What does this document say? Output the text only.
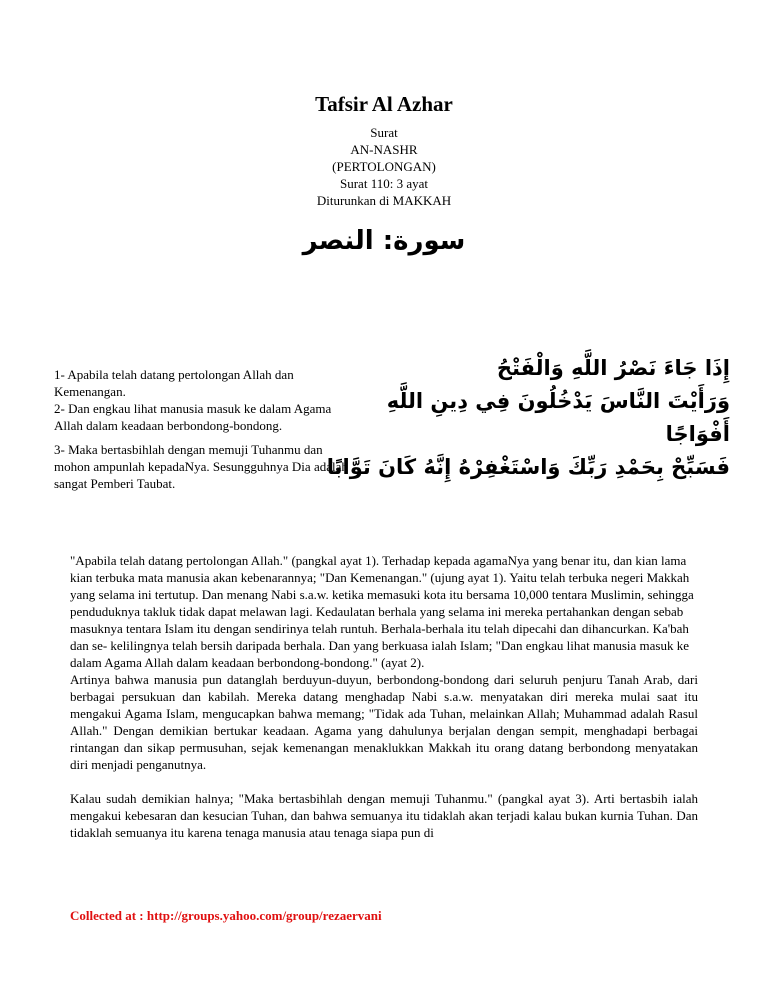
Tafsir Al Azhar
Surat
AN-NASHR
(PERTOLONGAN)
Surat 110: 3 ayat
Diturunkan di MAKKAH
سورة: النصر

1- Apabila telah datang pertolongan Allah dan Kemenangan.

2- Dan engkau lihat manusia masuk ke dalam Agama Allah dalam keadaan berbondong-bondong.

3- Maka bertasbihlah dengan memuji Tuhanmu dan mohon ampunlah kepadaNya. Sesungguhnya Dia adalah sangat Pemberi Taubat.

إِذَا جَاءَ نَصْرُ اللَّهِ وَالْفَتْحُ
وَرَأَيْتَ النَّاسَ يَدْخُلُونَ فِي دِينِ اللَّهِ
أَفْوَاجًا
فَسَبِّحْ بِحَمْدِ رَبِّكَ وَاسْتَغْفِرْهُ إِنَّهُ كَانَ تَوَّابًا

"Apabila telah datang pertolongan Allah." (pangkal ayat 1). Terhadap kepada agamaNya yang benar itu, dan kian lama kian terbuka mata manusia akan kebenarannya; "Dan Kemenangan." (ujung ayat 1). Yaitu telah terbuka negeri Makkah yang selama ini tertutup. Dan menang Nabi s.a.w. ketika memasuki kota itu bersama 10,000 tentara Muslimin, sehingga penduduknya takluk tidak dapat melawan lagi. Kedaulatan berhala yang selama ini mereka pertahankan dengan sebab masuknya tentara Islam itu dengan sendirinya telah runtuh. Berhala-berhala itu telah dipecahi dan dihancurkan. Ka'bah dan se- kelilingnya telah bersih daripada berhala. Dan yang berkuasa ialah Islam; "Dan engkau lihat manusia masuk ke dalam Agama Allah dalam keadaan berbondong-bondong." (ayat 2).

Artinya bahwa manusia pun datanglah berduyun-duyun, berbondong-bondong dari seluruh penjuru Tanah Arab, dari berbagai persukuan dan kabilah. Mereka datang menghadap Nabi s.a.w. menyatakan diri mereka mulai saat itu mengakui Agama Islam, mengucapkan bahwa memang; "Tidak ada Tuhan, melainkan Allah; Muhammad adalah Rasul Allah." Dengan demikian bertukar keadaan. Agama yang dahulunya berjalan dengan sempit, menghadapi berbagai rintangan dan sikap permusuhan, sejak kemenangan menaklukkan Makkah itu orang datang berbondong menyatakan diri menjadi penganutnya.

Kalau sudah demikian halnya; "Maka bertasbihlah dengan memuji Tuhanmu." (pangkal ayat 3). Arti bertasbih ialah mengakui kebesaran dan kesucian Tuhan, dan bahwa semuanya itu tidaklah akan terjadi kalau bukan kurnia Tuhan. Dan tidaklah semuanya itu karena tenaga manusia atau tenaga siapa pun di

Collected at : http://groups.yahoo.com/group/rezaervani
